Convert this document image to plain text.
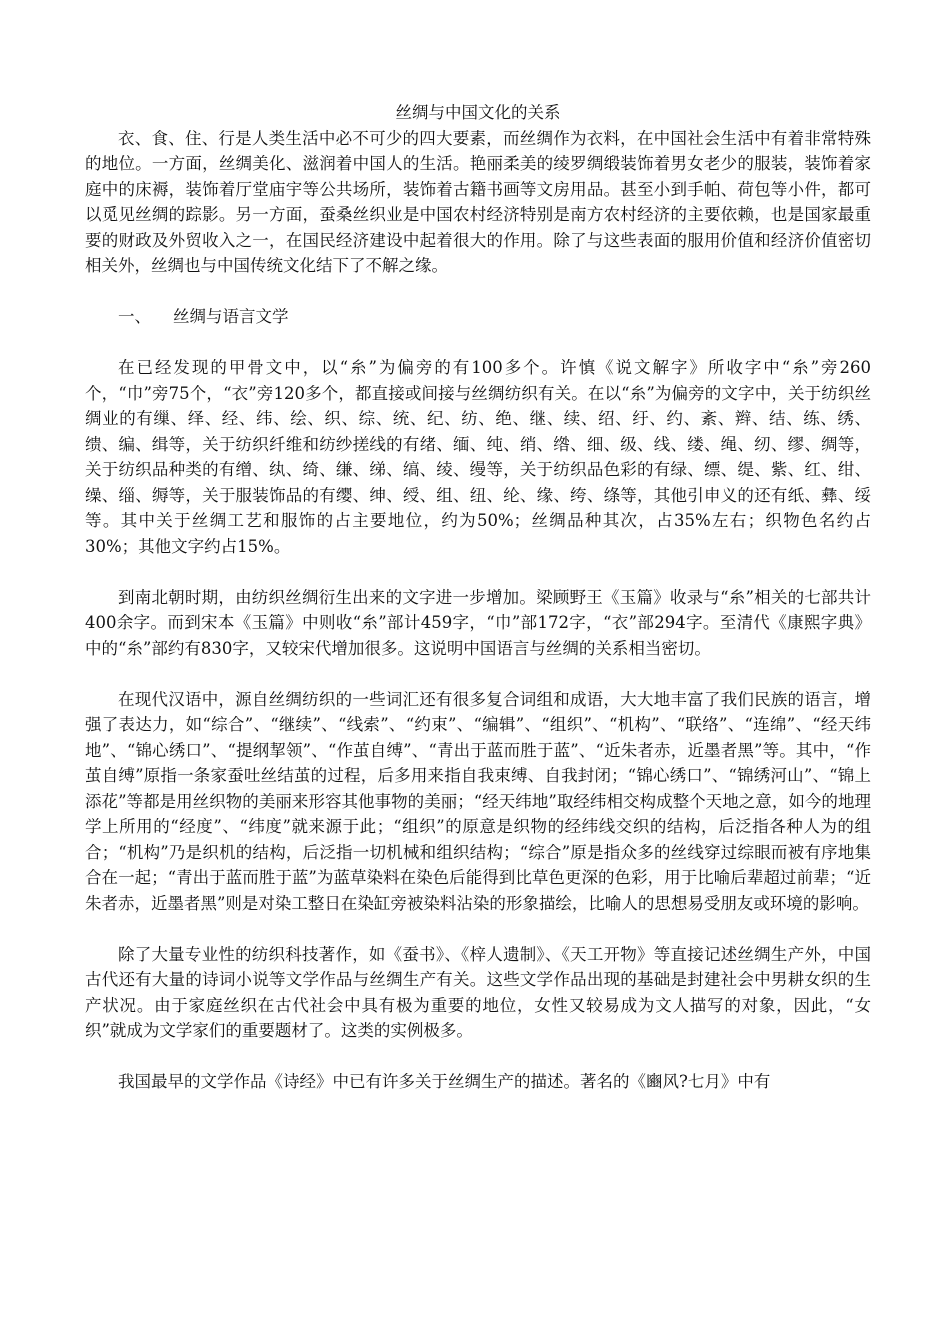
丝绸与中国文化的关系

衣、食、住、行是人类生活中必不可少的四大要素，而丝绸作为衣料，在中国社会生活中有着非常特殊的地位。一方面，丝绸美化、滋润着中国人的生活。艳丽柔美的绫罗绸缎装饰着男女老少的服装，装饰着家庭中的床褥，装饰着厅堂庙宇等公共场所，装饰着古籍书画等文房用品。甚至小到手帕、荷包等小件，都可以觅见丝绸的踪影。另一方面，蚕桑丝织业是中国农村经济特别是南方农村经济的主要依赖，也是国家最重要的财政及外贸收入之一，在国民经济建设中起着很大的作用。除了与这些表面的服用价值和经济价值密切相关外，丝绸也与中国传统文化结下了不解之缘。

一、 丝绸与语言文学

在已经发现的甲骨文中，以“糸”为偏旁的有100多个。许慎《说文解字》所收字中“糸”旁260个，“巾”旁75个，“衣”旁120多个，都直接或间接与丝绸纺织有关。在以“糸”为偏旁的文字中，关于纺织丝绸业的有缫、绎、经、纬、绘、织、综、统、纪、纺、绝、继、续、绍、纡、约、紊、辫、结、练、绣、缋、编、缉等，关于纺织纤维和纺纱搓线的有绪、缅、纯、绡、绺、细、级、线、缕、绳、纫、缪、绸等，关于纺织品种类的有缯、纨、绮、缣、绨、缟、绫、缦等，关于纺织品色彩的有绿、缥、缇、紫、红、绀、缲、缁、缛等，关于服装饰品的有缨、绅、绶、组、纽、纶、缘、绔、绦等，其他引申义的还有纸、彝、绥等。其中关于丝绸工艺和服饰的占主要地位，约为50%；丝绸品种其次，占35%左右；织物色名约占30%；其他文字约占15%。

到南北朝时期，由纺织丝绸衍生出来的文字进一步增加。梁顾野王《玉篇》收录与“糸”相关的七部共计400余字。而到宋本《玉篇》中则收“糸”部计459字，“巾”部172字，“衣”部294字。至清代《康熙字典》中的“糸”部约有830字，又较宋代增加很多。这说明中国语言与丝绸的关系相当密切。

在现代汉语中，源自丝绸纺织的一些词汇还有很多复合词组和成语，大大地丰富了我们民族的语言，增强了表达力，如“综合”、“继续”、“线索”、“约束”、“编辑”、“组织”、“机构”、“联络”、“连绵”、“经天纬地”、“锦心绣口”、“提纲挈领”、“作茧自缚”、“青出于蓝而胜于蓝”、“近朱者赤，近墨者黑”等。其中，“作茧自缚”原指一条家蚕吐丝结茧的过程，后多用来指自我束缚、自我封闭；“锦心绣口”、“锦绣河山”、“锦上添花”等都是用丝织物的美丽来形容其他事物的美丽；“经天纬地”取经纬相交构成整个天地之意，如今的地理学上所用的“经度”、“纬度”就来源于此；“组织”的原意是织物的经纬线交织的结构，后泛指各种人为的组合；“机构”乃是织机的结构，后泛指一切机械和组织结构；“综合”原是指众多的丝线穿过综眼而被有序地集合在一起；“青出于蓝而胜于蓝”为蓝草染料在染色后能得到比草色更深的色彩，用于比喻后辈超过前辈；“近朱者赤，近墨者黑”则是对染工整日在染缸旁被染料沾染的形象描绘，比喻人的思想易受朋友或环境的影响。

除了大量专业性的纺织科技著作，如《蚕书》、《梓人遗制》、《天工开物》等直接记述丝绸生产外，中国古代还有大量的诗词小说等文学作品与丝绸生产有关。这些文学作品出现的基础是封建社会中男耕女织的生产状况。由于家庭丝织在古代社会中具有极为重要的地位，女性又较易成为文人描写的对象，因此，“女织”就成为文学家们的重要题材了。这类的实例极多。

我国最早的文学作品《诗经》中已有许多关于丝绸生产的描述。著名的《豳风?七月》中有
